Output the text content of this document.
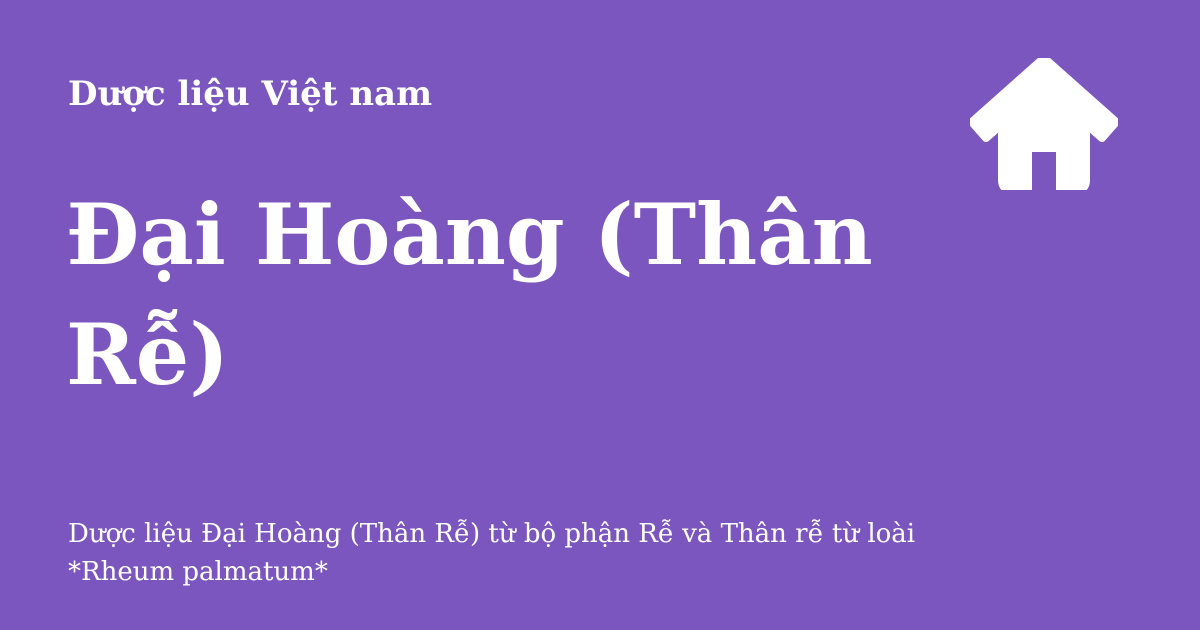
Dược liệu Việt nam
Đại Hoàng (Thân Rễ)
Dược liệu Đại Hoàng (Thân Rễ) từ bộ phận Rễ và Thân rễ từ loài *Rheum palmatum*
